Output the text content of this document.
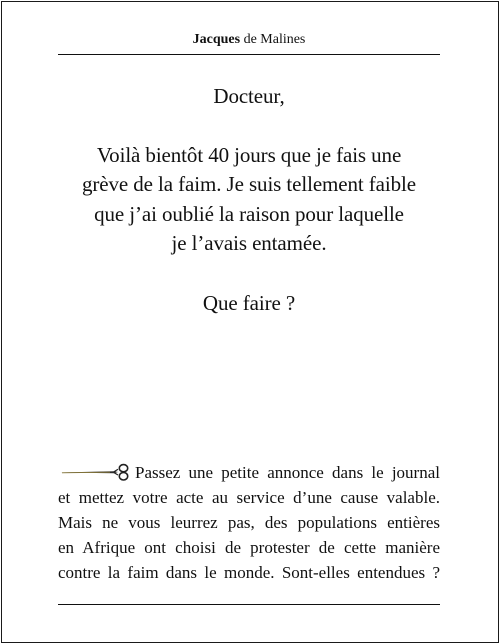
Jacques de Malines

Docteur,

Voilà bientôt 40 jours que je fais une

grève de la faim. Je suis tellement faible

que j’ai oublié la raison pour laquelle

je l’avais entamée.

Que faire ?

Passez une petite annonce dans le journal
et mettez votre acte au service d’une cause valable.
Mais ne vous leurrez pas, des populations entières
en Afrique ont choisi de protester de cette manière
contre la faim dans le monde. Sont-elles entendues ?
